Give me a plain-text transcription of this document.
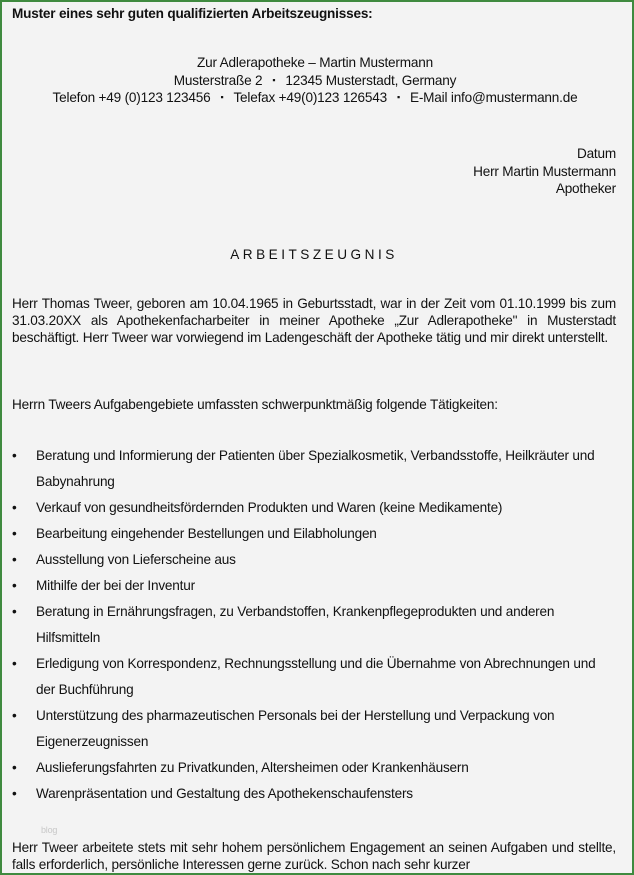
Muster eines sehr guten qualifizierten Arbeitszeugnisses:
Zur Adlerapotheke – Martin Mustermann
Musterstraße 2 ▪ 12345 Musterstadt, Germany
Telefon +49 (0)123 123456 ▪ Telefax +49(0)123 126543 ▪ E-Mail info@mustermann.de
Datum
Herr Martin Mustermann
Apotheker
ARBEITSZEUGNIS
Herr Thomas Tweer, geboren am 10.04.1965 in Geburtsstadt, war in der Zeit vom 01.10.1999 bis zum 31.03.20XX als Apothekenfacharbeiter in meiner Apotheke „Zur Adlerapotheke" in Musterstadt beschäftigt. Herr Tweer war vorwiegend im Ladengeschäft der Apotheke tätig und mir direkt unterstellt.
Herrn Tweers Aufgabengebiete umfassten schwerpunktmäßig folgende Tätigkeiten:
• Beratung und Informierung der Patienten über Spezialkosmetik, Verbandsstoffe, Heilkräuter und Babynahrung
• Verkauf von gesundheitsfördernden Produkten und Waren (keine Medikamente)
• Bearbeitung eingehender Bestellungen und Eilabholungen
• Ausstellung von Lieferscheine aus
• Mithilfe der bei der Inventur
• Beratung in Ernährungsfragen, zu Verbandstoffen, Krankenpflegeprodukten und anderen Hilfsmitteln
• Erledigung von Korrespondenz, Rechnungsstellung und die Übernahme von Abrechnungen und der Buchführung
• Unterstützung des pharmazeutischen Personals bei der Herstellung und Verpackung von Eigenerzeugnissen
• Auslieferungsfahrten zu Privatkunden, Altersheimen oder Krankenhäusern
• Warenpräsentation und Gestaltung des Apothekenschaufensters
blog
Herr Tweer arbeitete stets mit sehr hohem persönlichem Engagement an seinen Aufgaben und stellte, falls erforderlich, persönliche Interessen gerne zurück. Schon nach sehr kurzer
